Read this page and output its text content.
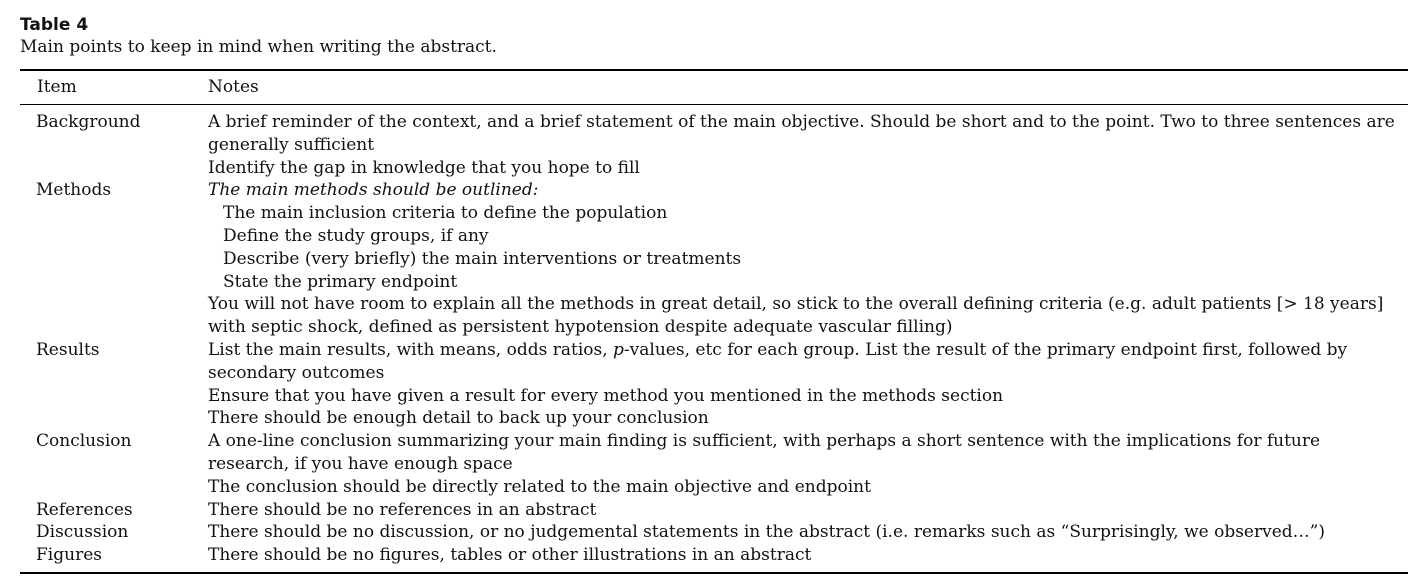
Table 4
Main points to keep in mind when writing the abstract.
Item	Notes
Background	A brief reminder of the context, and a brief statement of the main objective. Should be short and to the point. Two to three sentences are generally sufficient
Identify the gap in knowledge that you hope to fill
Methods	The main methods should be outlined:
The main inclusion criteria to define the population
Define the study groups, if any
Describe (very briefly) the main interventions or treatments
State the primary endpoint
You will not have room to explain all the methods in great detail, so stick to the overall defining criteria (e.g. adult patients [> 18 years] with septic shock, defined as persistent hypotension despite adequate vascular filling)
Results	List the main results, with means, odds ratios, p-values, etc for each group. List the result of the primary endpoint first, followed by secondary outcomes
Ensure that you have given a result for every method you mentioned in the methods section
There should be enough detail to back up your conclusion
Conclusion	A one-line conclusion summarizing your main finding is sufficient, with perhaps a short sentence with the implications for future research, if you have enough space
The conclusion should be directly related to the main objective and endpoint
References	There should be no references in an abstract
Discussion	There should be no discussion, or no judgemental statements in the abstract (i.e. remarks such as “Surprisingly, we observed…”)
Figures	There should be no figures, tables or other illustrations in an abstract
